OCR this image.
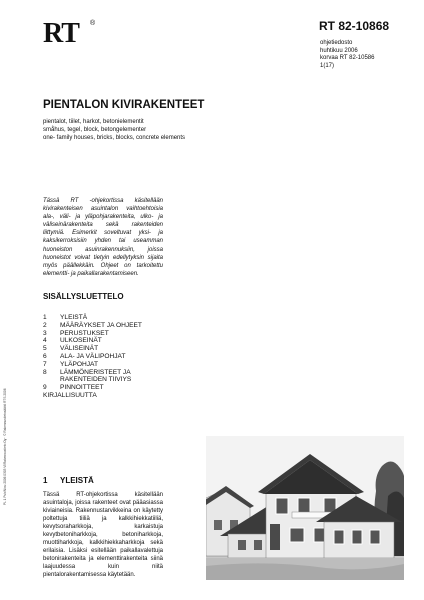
RT ®	RT 82-10868
ohjetiedosto
huhtikuu 2006
korvaa RT 82-10586
1(17)
PIENTALON KIVIRAKENTEET
pientalot, tiilet, harkot, betonielementit
småhus, tegel, block, betongelementer
one- family houses, bricks, blocks, concrete elements
Tässä RT -ohjekortissa käsitellään kivirakenteisen asuintalon vaihtoehtoisia ala-, väli- ja yläpohjarakenteita, ulko- ja väliseinärakenteita sekä rakenteiden liittymiä. Esimerkit soveltuvat yksi- ja kaksikerroksisiin yhden tai useamman huoneiston asuinrakennuksiin, joissa huoneistot voivat tietyin edellytyksin sijaita myös päällekkäin. Ohjeet on tarkoitettu elementti- ja paikallarakentamiseen.
SISÄLLYSLUETTELO
1	YLEISTÄ
2	MÄÄRÄYKSET JA OHJEET
3	PERUSTUKSET
4	ULKOSEINÄT
5	VÄLISEINÄT
6	ALA- JA VÄLIPOHJAT
7	YLÄPOHJAT
8	LÄMMÖNERISTEET JA
RAKENTEIDEN TIIVIYS
9	PINNOITTEET
KIRJALLISUUTTA
PL 1 Puh/Niou 2006 0303 Vl/Rakennustieto Oy · © Rakennustietosäätiö RTS 2006	1 YLEISTÄ
Tässä RT-ohjekortissa käsitellään asuintaloja, joissa rakenteet ovat pääasiassa kiviaineisia. Rakennustarvikkeina on käytetty poltettuja tiiliä ja kalkkihiekkatiiliä, kevytsoraharkkoja, karkaistuja kevytbetoniharkkoja, betoniharkkoja, muottiharkkoja, kalkkihiekkaharkkoja sekä erilaisia. Lisäksi esitellään paikallavalettuja betonirakenteita ja elementtirakenteita siinä laajuudessa kuin niitä pientalorakentamisessa käytetään.
